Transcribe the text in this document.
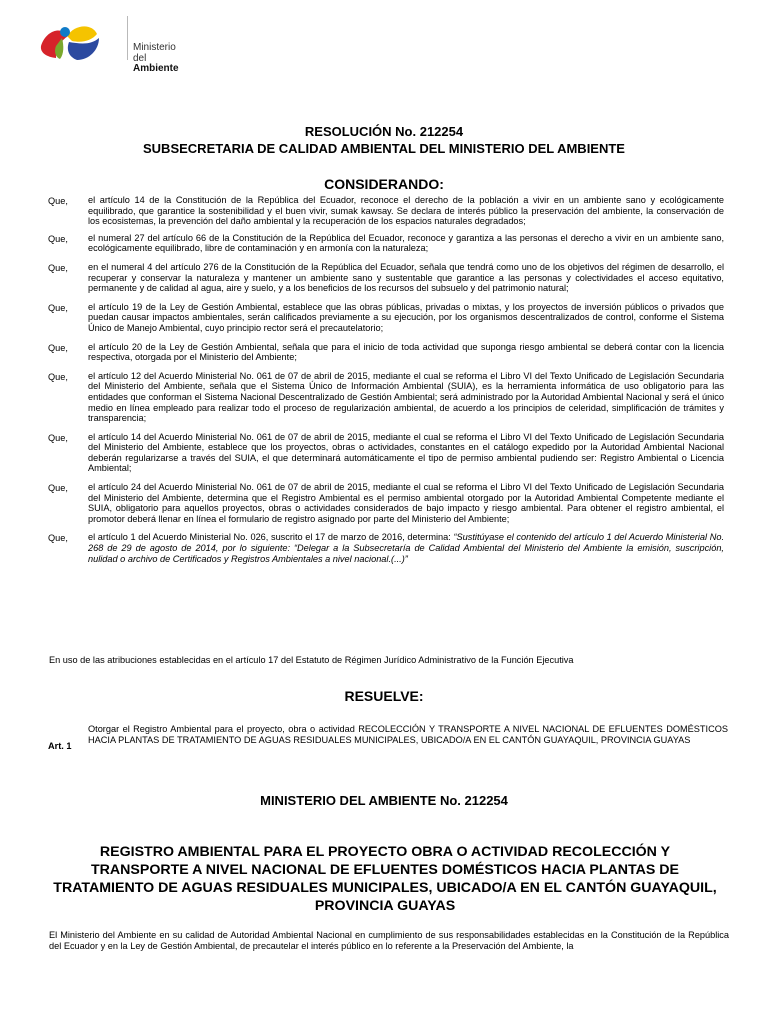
Ministerio
del Ambiente
RESOLUCIÓN No. 212254
SUBSECRETARIA DE CALIDAD AMBIENTAL DEL MINISTERIO DEL AMBIENTE
CONSIDERANDO:
Que,	el artículo 14 de la Constitución de la República del Ecuador, reconoce el derecho de la población a vivir en un ambiente sano y ecológicamente equilibrado, que garantice la sostenibilidad y el buen vivir, sumak kawsay. Se declara de interés público la preservación del ambiente, la conservación de los ecosistemas, la prevención del daño ambiental y la recuperación de los espacios naturales degradados;
Que,	el numeral 27 del artículo 66 de la Constitución de la República del Ecuador, reconoce y garantiza a las personas el derecho a vivir en un ambiente sano, ecológicamente equilibrado, libre de contaminación y en armonía con la naturaleza;
Que,	en el numeral 4 del artículo 276 de la Constitución de la República del Ecuador, señala que tendrá como uno de los objetivos del régimen de desarrollo, el recuperar y conservar la naturaleza y mantener un ambiente sano y sustentable que garantice a las personas y colectividades el acceso equitativo, permanente y de calidad al agua, aire y suelo, y a los beneficios de los recursos del subsuelo y del patrimonio natural;
Que,	el artículo 19 de la Ley de Gestión Ambiental, establece que las obras públicas, privadas o mixtas, y los proyectos de inversión públicos o privados que puedan causar impactos ambientales, serán calificados previamente a su ejecución, por los organismos descentralizados de control, conforme el Sistema Único de Manejo Ambiental, cuyo principio rector será el precautelatorio;
Que,	el artículo 20 de la Ley de Gestión Ambiental, señala que para el inicio de toda actividad que suponga riesgo ambiental se deberá contar con la licencia respectiva, otorgada por el Ministerio del Ambiente;
Que,	el artículo 12 del Acuerdo Ministerial No. 061 de 07 de abril de 2015, mediante el cual se reforma el Libro VI del Texto Unificado de Legislación Secundaria del Ministerio del Ambiente, señala que el Sistema Único de Información Ambiental (SUIA), es la herramienta informática de uso obligatorio para las entidades que conforman el Sistema Nacional Descentralizado de Gestión Ambiental; será administrado por la Autoridad Ambiental Nacional y será el único medio en línea empleado para realizar todo el proceso de regularización ambiental, de acuerdo a los principios de celeridad, simplificación de trámites y transparencia;
Que,	el artículo 14 del Acuerdo Ministerial No. 061 de 07 de abril de 2015, mediante el cual se reforma el Libro VI del Texto Unificado de Legislación Secundaria del Ministerio del Ambiente, establece que los proyectos, obras o actividades, constantes en el catálogo expedido por la Autoridad Ambiental Nacional deberán regularizarse a través del SUIA, el que determinará automáticamente el tipo de permiso ambiental pudiendo ser: Registro Ambiental o Licencia Ambiental;
Que,	el artículo 24 del Acuerdo Ministerial No. 061 de 07 de abril de 2015, mediante el cual se reforma el Libro VI del Texto Unificado de Legislación Secundaria del Ministerio del Ambiente, determina que el Registro Ambiental es el permiso ambiental otorgado por la Autoridad Ambiental Competente mediante el SUIA, obligatorio para aquellos proyectos, obras o actividades considerados de bajo impacto y riesgo ambiental. Para obtener el registro ambiental, el promotor deberá llenar en línea el formulario de registro asignado por parte del Ministerio del Ambiente;
Que,	el artículo 1 del Acuerdo Ministerial No. 026, suscrito el 17 de marzo de 2016, determina: “Sustitúyase el contenido del artículo 1 del Acuerdo Ministerial No. 268 de 29 de agosto de 2014, por lo siguiente: “Delegar a la Subsecretaría de Calidad Ambiental del Ministerio del Ambiente la emisión, suscripción, nulidad o archivo de Certificados y Registros Ambientales a nivel nacional.(...)”
En uso de las atribuciones establecidas en el artículo 17 del Estatuto de Régimen Jurídico Administrativo de la Función Ejecutiva
RESUELVE:
Art. 1
Otorgar el Registro Ambiental para el proyecto, obra o actividad RECOLECCIÓN Y TRANSPORTE A NIVEL NACIONAL DE EFLUENTES DOMÉSTICOS HACIA PLANTAS DE TRATAMIENTO DE AGUAS RESIDUALES MUNICIPALES, UBICADO/A EN EL CANTÓN GUAYAQUIL, PROVINCIA GUAYAS
MINISTERIO DEL AMBIENTE No. 212254
REGISTRO AMBIENTAL PARA EL PROYECTO OBRA O ACTIVIDAD RECOLECCIÓN Y TRANSPORTE A NIVEL NACIONAL DE EFLUENTES DOMÉSTICOS HACIA PLANTAS DE TRATAMIENTO DE AGUAS RESIDUALES MUNICIPALES, UBICADO/A EN EL CANTÓN GUAYAQUIL, PROVINCIA GUAYAS
El Ministerio del Ambiente en su calidad de Autoridad Ambiental Nacional en cumplimiento de sus responsabilidades establecidas en la Constitución de la República del Ecuador y en la Ley de Gestión Ambiental, de precautelar el interés público en lo referente a la Preservación del Ambiente, la
